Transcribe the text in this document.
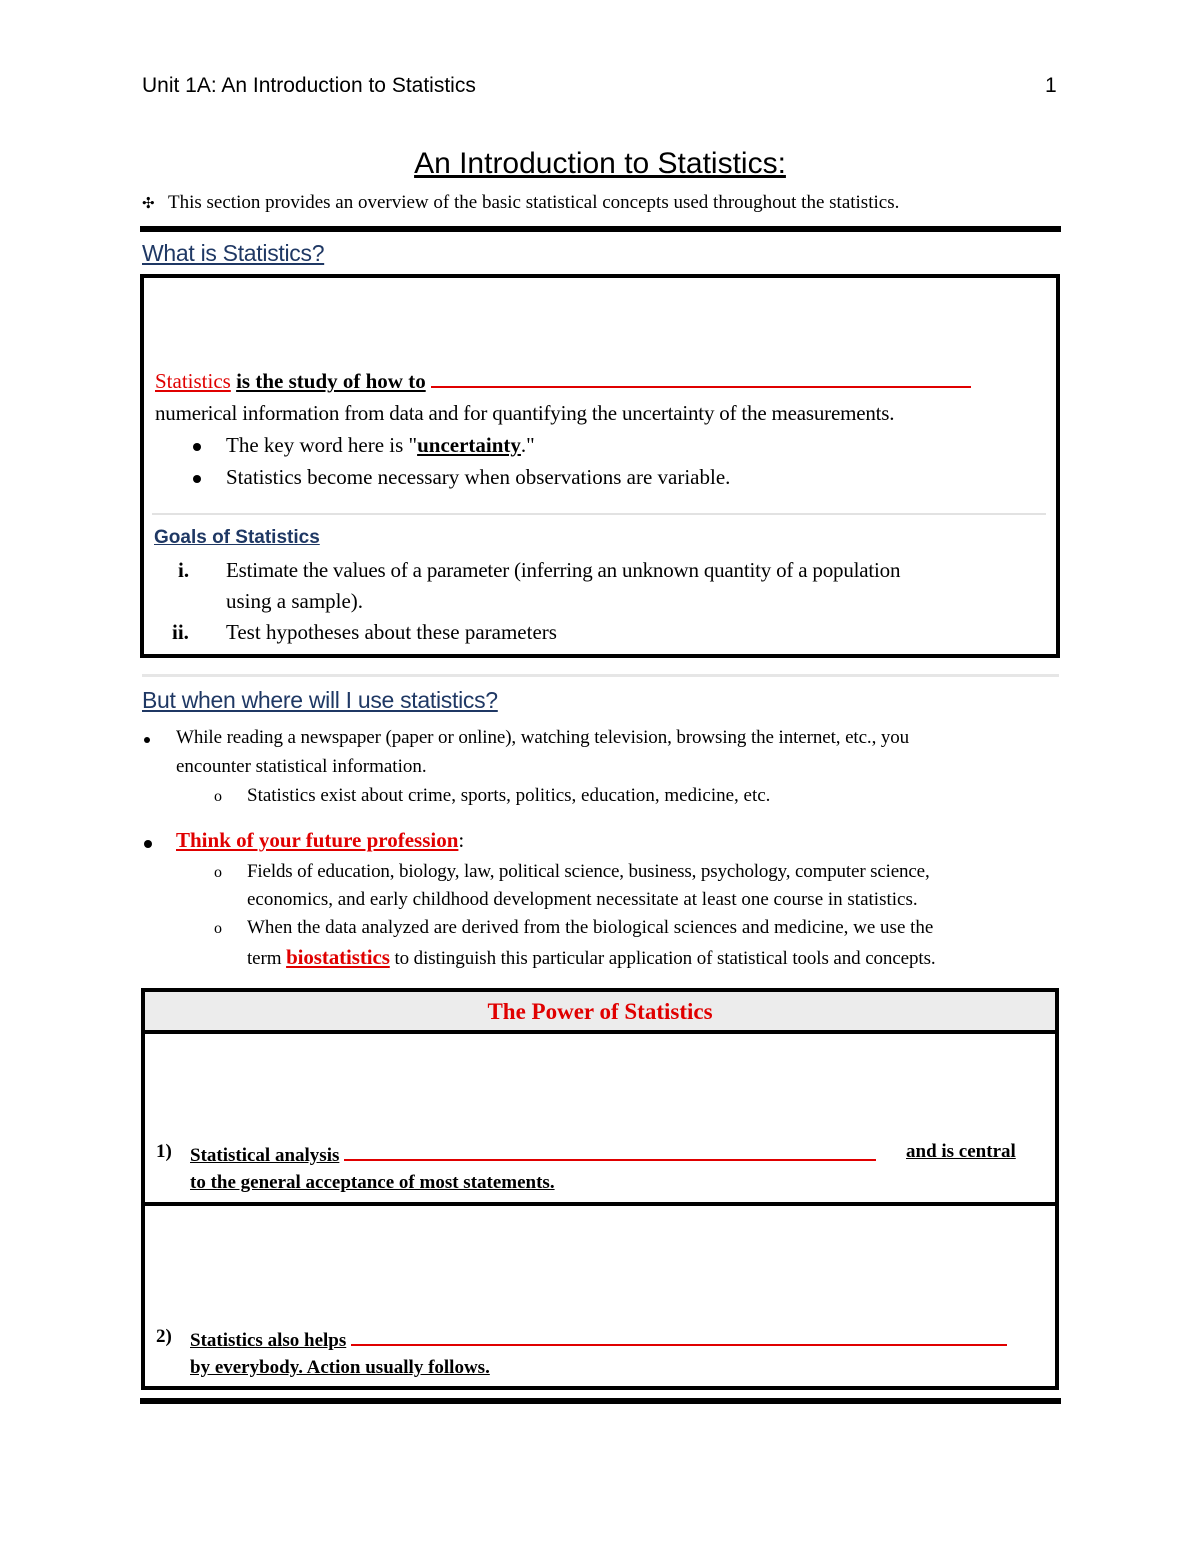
Unit 1A: An Introduction to Statistics	1
An Introduction to Statistics:
✣ This section provides an overview of the basic statistical concepts used throughout the statistics.
What is Statistics?
Statistics is the study of how to
numerical information from data and for quantifying the uncertainty of the measurements.
The key word here is "uncertainty."
Statistics become necessary when observations are variable.
Goals of Statistics
i. Estimate the values of a parameter (inferring an unknown quantity of a population
using a sample).
ii. Test hypotheses about these parameters
But when where will I use statistics?
While reading a newspaper (paper or online), watching television, browsing the internet, etc., you
encounter statistical information.
o Statistics exist about crime, sports, politics, education, medicine, etc.
Think of your future profession:
o Fields of education, biology, law, political science, business, psychology, computer science,
economics, and early childhood development necessitate at least one course in statistics.
o When the data analyzed are derived from the biological sciences and medicine, we use the
term biostatistics to distinguish this particular application of statistical tools and concepts.
The Power of Statistics
1) Statistical analysis	and is central
to the general acceptance of most statements.
2) Statistics also helps
by everybody. Action usually follows.
